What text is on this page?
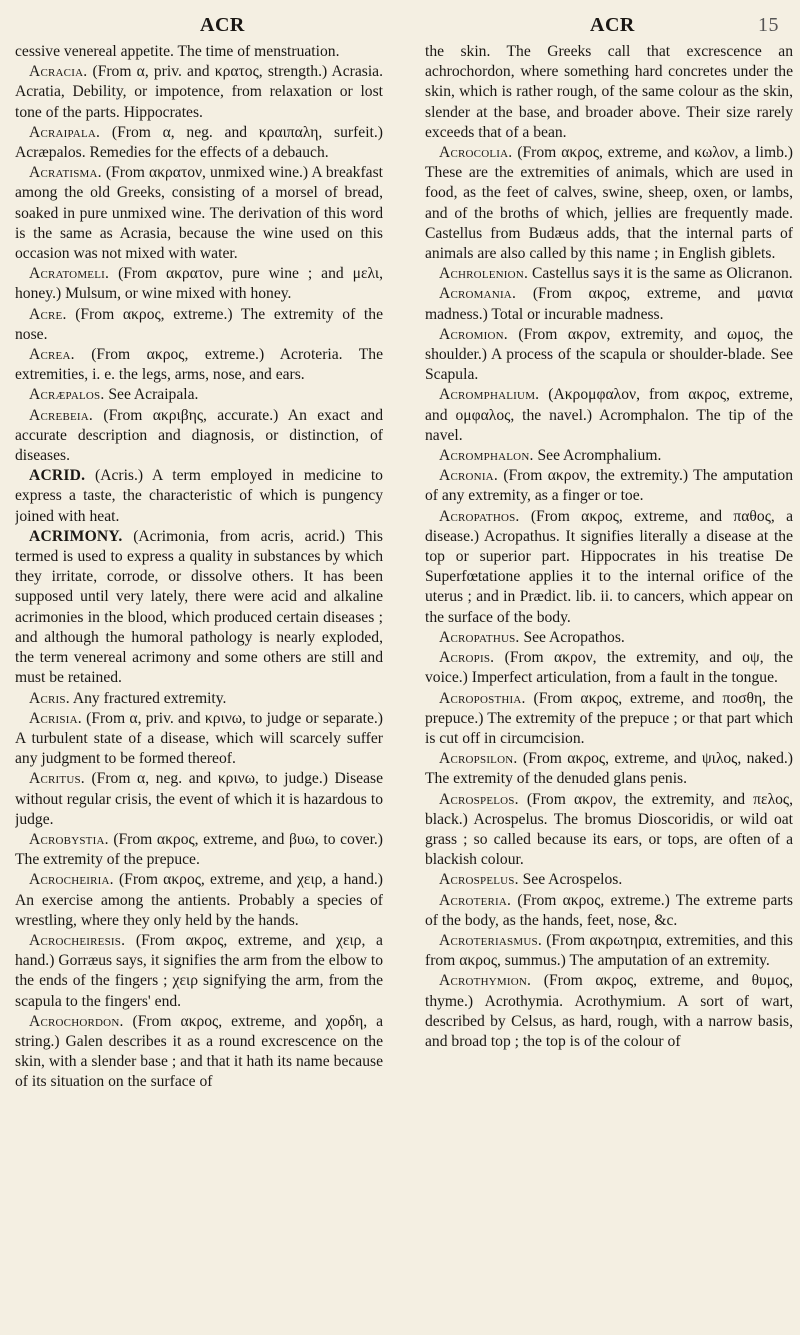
ACR	ACR	15

cessive venereal appetite. The time of menstruation.

Acracia. (From α, priv. and κρατος, strength.) Acrasia. Acratia, Debility, or impotence, from relaxation or lost tone of the parts. Hippocrates.

Acraipala. (From α, neg. and κραιπαλη, surfeit.) Acræpalos. Remedies for the effects of a debauch.

Acratisma. (From ακρατον, unmixed wine.) A breakfast among the old Greeks, consisting of a morsel of bread, soaked in pure unmixed wine. The derivation of this word is the same as Acrasia, because the wine used on this occasion was not mixed with water.

Acratomeli. (From ακρατον, pure wine ; and μελι, honey.) Mulsum, or wine mixed with honey.

Acre. (From ακρος, extreme.) The extremity of the nose.

Acrea. (From ακρος, extreme.) Acroteria. The extremities, i. e. the legs, arms, nose, and ears.

Acræpalos. See Acraipala.

Acrebeia. (From ακριβης, accurate.) An exact and accurate description and diagnosis, or distinction, of diseases.

ACRID. (Acris.) A term employed in medicine to express a taste, the characteristic of which is pungency joined with heat.

ACRIMONY. (Acrimonia, from acris, acrid.) This termed is used to express a quality in substances by which they irritate, corrode, or dissolve others. It has been supposed until very lately, there were acid and alkaline acrimonies in the blood, which produced certain diseases ; and although the humoral pathology is nearly exploded, the term venereal acrimony and some others are still and must be retained.

Acris. Any fractured extremity.

Acrisia. (From α, priv. and κρινω, to judge or separate.) A turbulent state of a disease, which will scarcely suffer any judgment to be formed thereof.

Acritus. (From α, neg. and κρινω, to judge.) Disease without regular crisis, the event of which it is hazardous to judge.

Acrobystia. (From ακρος, extreme, and βυω, to cover.) The extremity of the prepuce.

Acrocheiria. (From ακρος, extreme, and χειρ, a hand.) An exercise among the antients. Probably a species of wrestling, where they only held by the hands.

Acrocheiresis. (From ακρος, extreme, and χειρ, a hand.) Gorræus says, it signifies the arm from the elbow to the ends of the fingers ; χειρ signifying the arm, from the scapula to the fingers' end.

Acrochordon. (From ακρος, extreme, and χορδη, a string.) Galen describes it as a round excrescence on the skin, with a slender base ; and that it hath its name because of its situation on the surface of

the skin. The Greeks call that excrescence an achrochordon, where something hard concretes under the skin, which is rather rough, of the same colour as the skin, slender at the base, and broader above. Their size rarely exceeds that of a bean.

Acrocolia. (From ακρος, extreme, and κωλον, a limb.) These are the extremities of animals, which are used in food, as the feet of calves, swine, sheep, oxen, or lambs, and of the broths of which, jellies are frequently made. Castellus from Budæus adds, that the internal parts of animals are also called by this name ; in English giblets.

Achrolenion. Castellus says it is the same as Olicranon.

Acromania. (From ακρος, extreme, and μανια madness.) Total or incurable madness.

Acromion. (From ακρον, extremity, and ωμος, the shoulder.) A process of the scapula or shoulder-blade. See Scapula.

Acromphalium. (Ακρομφαλον, from ακρος, extreme, and ομφαλος, the navel.) Acromphalon. The tip of the navel.

Acromphalon. See Acromphalium.

Acronia. (From ακρον, the extremity.) The amputation of any extremity, as a finger or toe.

Acropathos. (From ακρος, extreme, and παθος, a disease.) Acropathus. It signifies literally a disease at the top or superior part. Hippocrates in his treatise De Superfœtatione applies it to the internal orifice of the uterus ; and in Prædict. lib. ii. to cancers, which appear on the surface of the body.

Acropathus. See Acropathos.

Acropis. (From ακρον, the extremity, and οψ, the voice.) Imperfect articulation, from a fault in the tongue.

Acroposthia. (From ακρος, extreme, and ποσθη, the prepuce.) The extremity of the prepuce ; or that part which is cut off in circumcision.

Acropsilon. (From ακρος, extreme, and ψιλος, naked.) The extremity of the denuded glans penis.

Acrospelos. (From ακρον, the extremity, and πελος, black.) Acrospelus. The bromus Dioscoridis, or wild oat grass ; so called because its ears, or tops, are often of a blackish colour.

Acrospelus. See Acrospelos.

Acroteria. (From ακρος, extreme.) The extreme parts of the body, as the hands, feet, nose, &c.

Acroteriasmus. (From ακρωτηρια, extremities, and this from ακρος, summus.) The amputation of an extremity.

Acrothymion. (From ακρος, extreme, and θυμος, thyme.) Acrothymia. Acrothymium. A sort of wart, described by Celsus, as hard, rough, with a narrow basis, and broad top ; the top is of the colour of
